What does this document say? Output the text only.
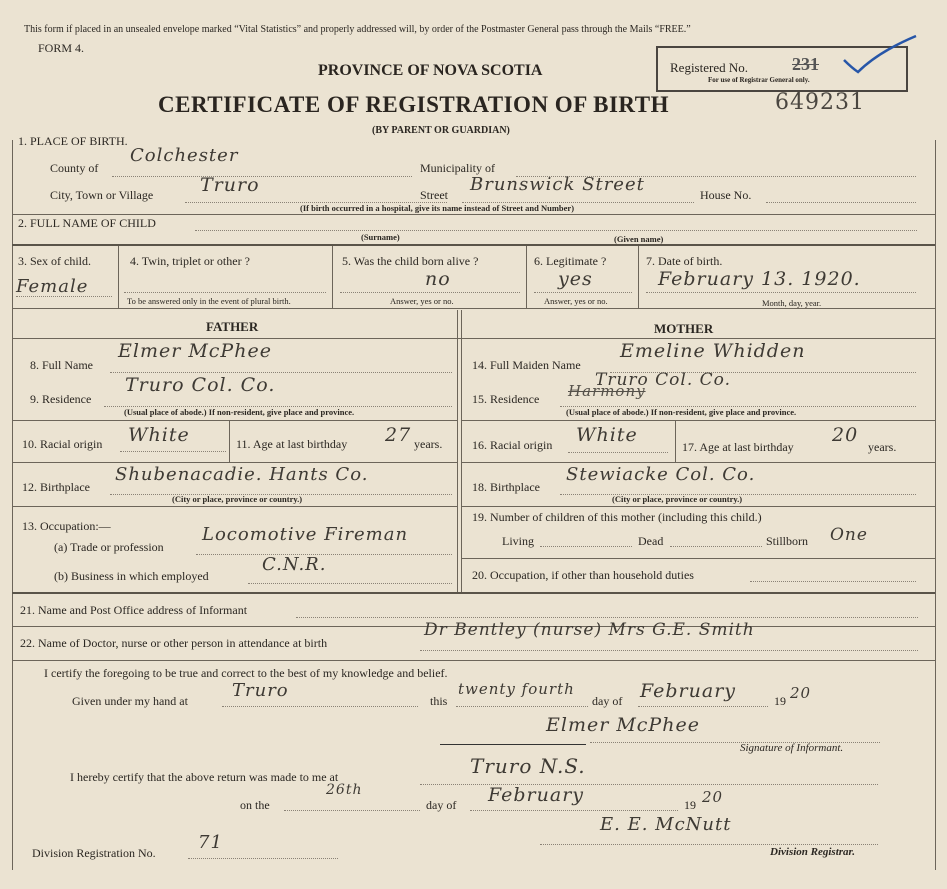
This form if placed in an unsealed envelope marked “Vital Statistics” and properly addressed will, by order of the Postmaster General pass through the Mails “FREE.”
FORM 4.
PROVINCE OF NOVA SCOTIA
CERTIFICATE OF REGISTRATION OF BIRTH
(BY PARENT OR GUARDIAN)
Registered No. 231
For use of Registrar General only.
649231
1. PLACE OF BIRTH.
County of
Colchester
Municipality of
City, Town or Village Truro	Street Brunswick Street	House No.
(If birth occurred in a hospital, give its name instead of Street and Number)
2. FULL NAME OF CHILD
(Surname)	(Given name)
3. Sex of child.
Female
4. Twin, triplet or other ?
To be answered only in the event of plural birth.
5. Was the child born alive ?
no
Answer, yes or no.
6. Legitimate ?
yes
Answer, yes or no.
7. Date of birth.
February 13. 1920.
Month, day, year.
FATHER	MOTHER
8. Full Name
Elmer McPhee
9. Residence
Truro Col. Co.
(Usual place of abode.) If non-resident, give place and province.
10. Racial origin White	11. Age at last birthday 27 years.
12. Birthplace
Shubenacadie. Hants Co.
(City or place, province or country.)
13. Occupation:—
(a) Trade or profession
Locomotive Fireman
(b) Business in which employed
C.N.R.
14. Full Maiden Name
Emeline Whidden
15. Residence Harmony
Truro Col. Co.
(Usual place of abode.) If non-resident, give place and province.
16. Racial origin White
17. Age at last birthday
20
years.
18. Birthplace
Stewiacke Col. Co.
(City or place, province or country.)
19. Number of children of this mother (including this child.)
Living	Dead	Stillborn One
20. Occupation, if other than household duties
21. Name and Post Office address of Informant
22. Name of Doctor, nurse or other person in attendance at birth
Dr Bentley (nurse) Mrs G.E. Smith
I certify the foregoing to be true and correct to the best of my knowledge and belief.
Given under my hand at Truro	this
twenty fourth
day of February	19 20
Elmer McPhee
Signature of Informant.
I hereby certify that the above return was made to me at	Truro N.S.
on the
26th
day of February	19 20
E. E. McNutt
Division Registrar.
Division Registration No. 71
